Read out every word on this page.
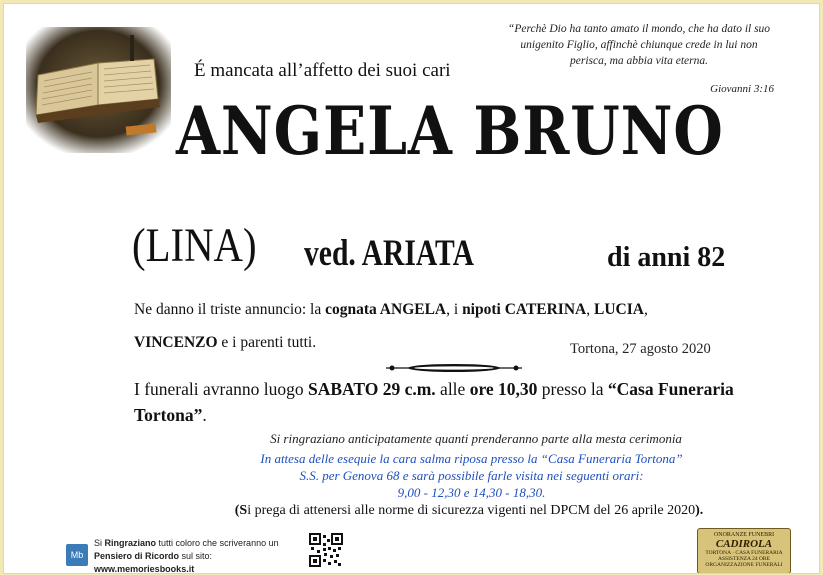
“Perchè Dio ha tanto amato il mondo, che ha dato il suo unigenito Figlio, affinchè chiunque crede in lui non perisca, ma abbia vita eterna.
Giovanni 3:16
É mancata all’affetto dei suoi cari
ANGELA BRUNO
(LINA) ved. ARIATA	di anni 82
Ne danno il triste annuncio: la cognata ANGELA, i nipoti CATERINA, LUCIA,
VINCENZO e i parenti tutti.	Tortona, 27 agosto 2020
I funerali avranno luogo SABATO 29 c.m. alle ore 10,30 presso la “Casa Funeraria Tortona”.
Si ringraziano anticipatamente quanti prenderanno parte alla mesta cerimonia
In attesa delle esequie la cara salma riposa presso la “Casa Funeraria Tortona”
S.S. per Genova 68 e sarà possibile farle visita nei seguenti orari:
9,00 - 12,30 e 14,30 - 18,30.
(Si prega di attenersi alle norme di sicurezza vigenti nel DPCM del 26 aprile 2020).
Mb
Si Ringraziano tutti coloro che scriveranno un
Pensiero di Ricordo sul sito: www.memoriesbooks.it
ONORANZE FUNEBRI
CADIROLA
TORTONA · CASA FUNERARIA
ASSISTENZA 24 ORE
ORGANIZZAZIONE FUNERALI
